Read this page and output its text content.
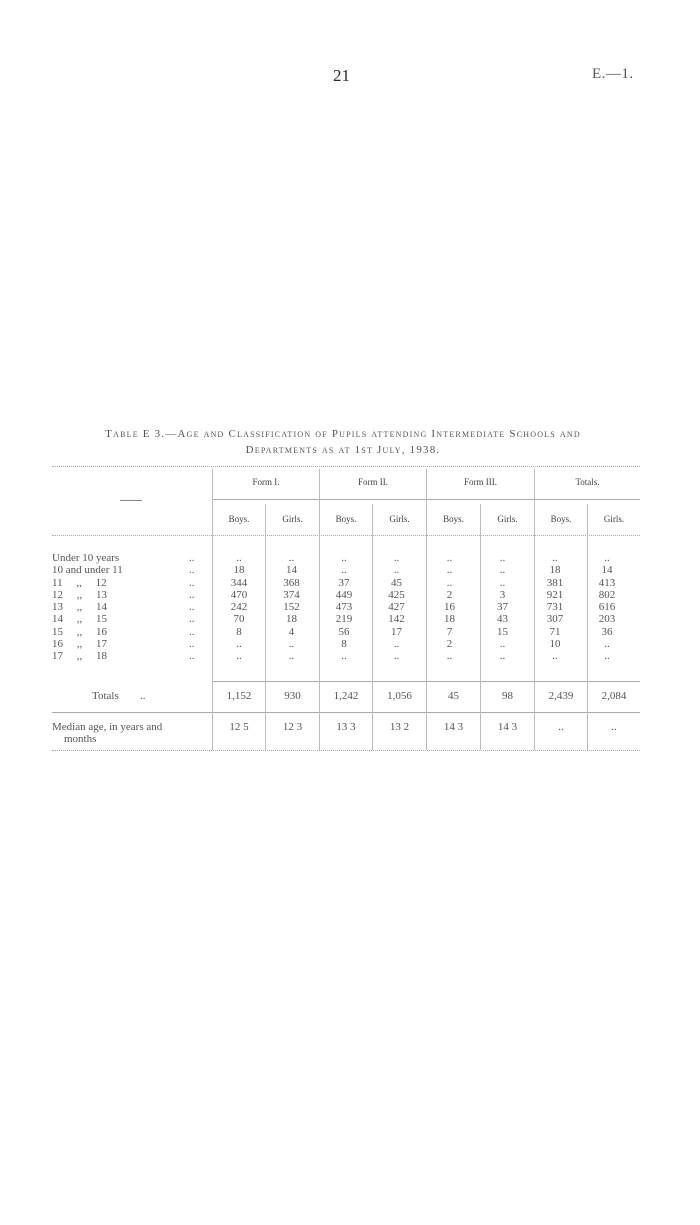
21	E.—1.
Table E 3.—Age and Classification of Pupils attending Intermediate Schools and
Departments as at 1st July, 1938.
Form I.	Form II.	Form III.	Totals.
Boys.	Girls.	Boys.	Girls.	Boys.	Girls.	Boys.	Girls.
Under 10 years	..	..	..	..	..	..	..	..	..
10 and under 11	..	18	14	..	..	..	..	18	14
11     ,,     12	..	344	368	37	45	..	..	381	413
12     ,,     13	..	470	374	449	425	2	3	921	802
13     ,,     14	..	242	152	473	427	16	37	731	616
14     ,,     15	..	70	18	219	142	18	43	307	203
15     ,,     16	..	8	4	56	17	7	15	71	36
16     ,,     17	..	..	..	8	..	2	..	10	..
17     ,,     18	..	..	..	..	..	..	..	..	..
Totals ..	1,152	930	1,242	1,056	45	98	2,439	2,084
Median age, in years and
months
12 5	12 3	13 3	13 2	14 3	14 3	..	..
